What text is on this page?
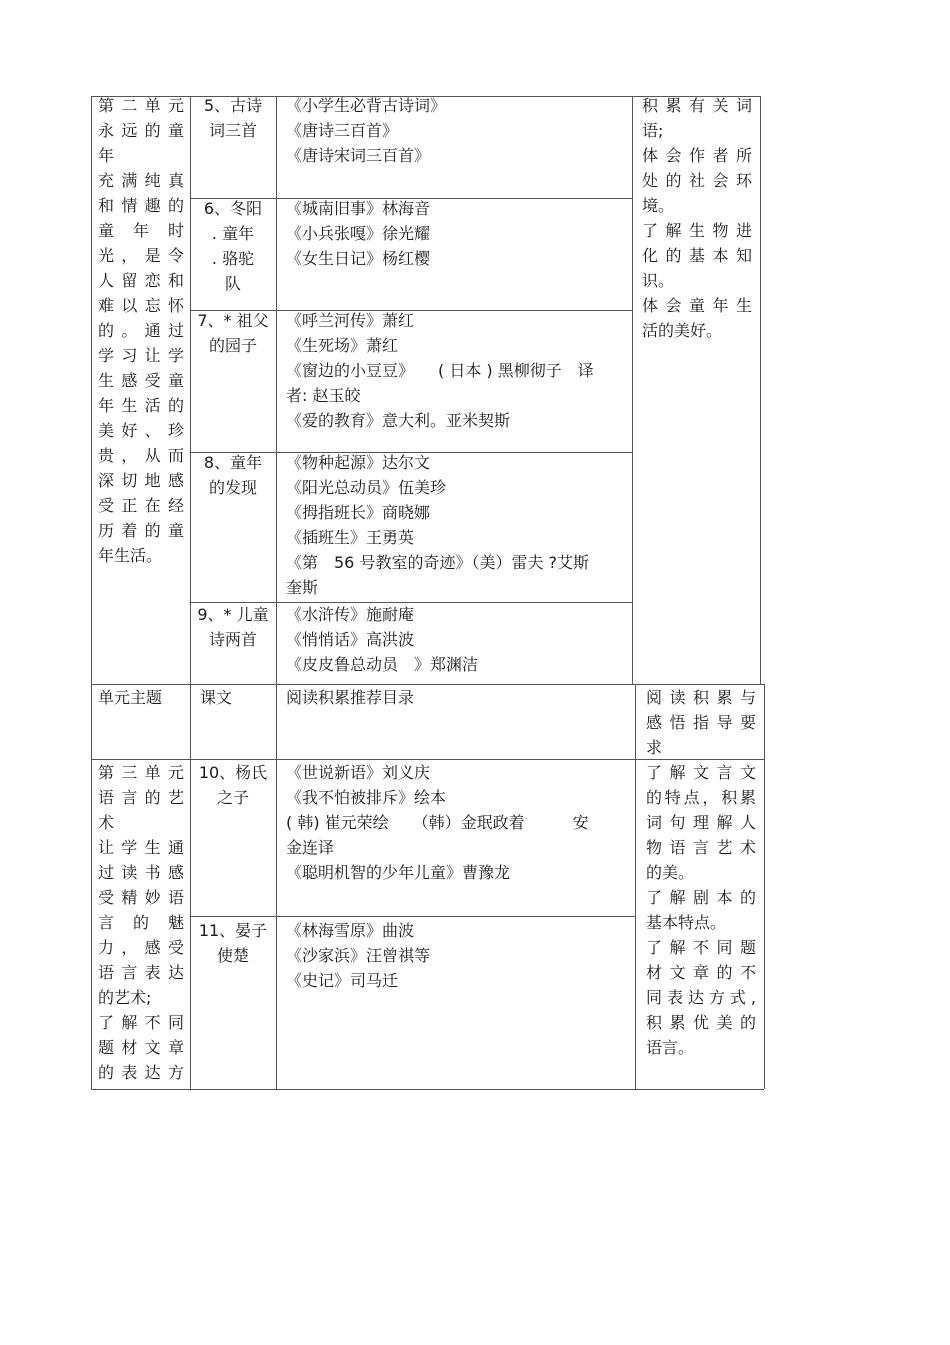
第二单元
永远的童
年
充满纯真
和情趣的
童 年 时
光，是令
人留恋和
难以忘怀
的。通过
学习让学
生感受童
年生活的
美好、珍
贵，从而
深切地感
受正在经
历着的童
年生活。
5、古诗
词三首
《小学生必背古诗词》
《唐诗三百首》
《唐诗宋词三百首》
6、冬阳
. 童年
. 骆驼
队
《城南旧事》林海音
《小兵张嘎》徐光耀
《女生日记》杨红樱
7、* 祖父
的园子
《呼兰河传》萧红
《生死场》萧红
《窗边的小豆豆》　　( 日本 ) 黑柳彻子　译
者: 赵玉皎
《爱的教育》意大利。亚米契斯
8、童年
的发现
《物种起源》达尔文
《阳光总动员》伍美珍
《拇指班长》商晓娜
《插班生》王勇英
《第　56 号教室的奇迹》（美）雷夫 ?艾斯
奎斯
9、* 儿童
诗两首
《水浒传》施耐庵
《悄悄话》高洪波
《皮皮鲁总动员　》郑渊洁
积 累 有 关 词
语;
体 会 作 者 所
处 的 社 会 环
境。
了 解 生 物 进
化 的 基 本 知
识。
体 会 童 年 生
活的美好。
单元主题 课文	阅读积累推荐目录	阅 读 积 累 与
感 悟 指 导 要
求
第三单元
语言的艺
术
让学生通
过读书感
受精妙语
言 的 魅
力，感受
语言表达
的艺术;
了解不同
题材文章
的表达方
10、杨氏
之子
《世说新语》刘义庆
《我不怕被排斥》绘本
( 韩) 崔元荣绘　　（韩）金珉政着　　　安
金连译
《聪明机智的少年儿童》曹豫龙
11、晏子
使楚
《林海雪原》曲波
《沙家浜》汪曾祺等
《史记》司马迁
了 解 文 言 文
的特点，积累
词 句 理 解 人
物 语 言 艺 术
的美。
了 解 剧 本 的
基本特点。
了 解 不 同 题
材 文 章 的 不
同表达方式,
积 累 优 美 的
语言。
